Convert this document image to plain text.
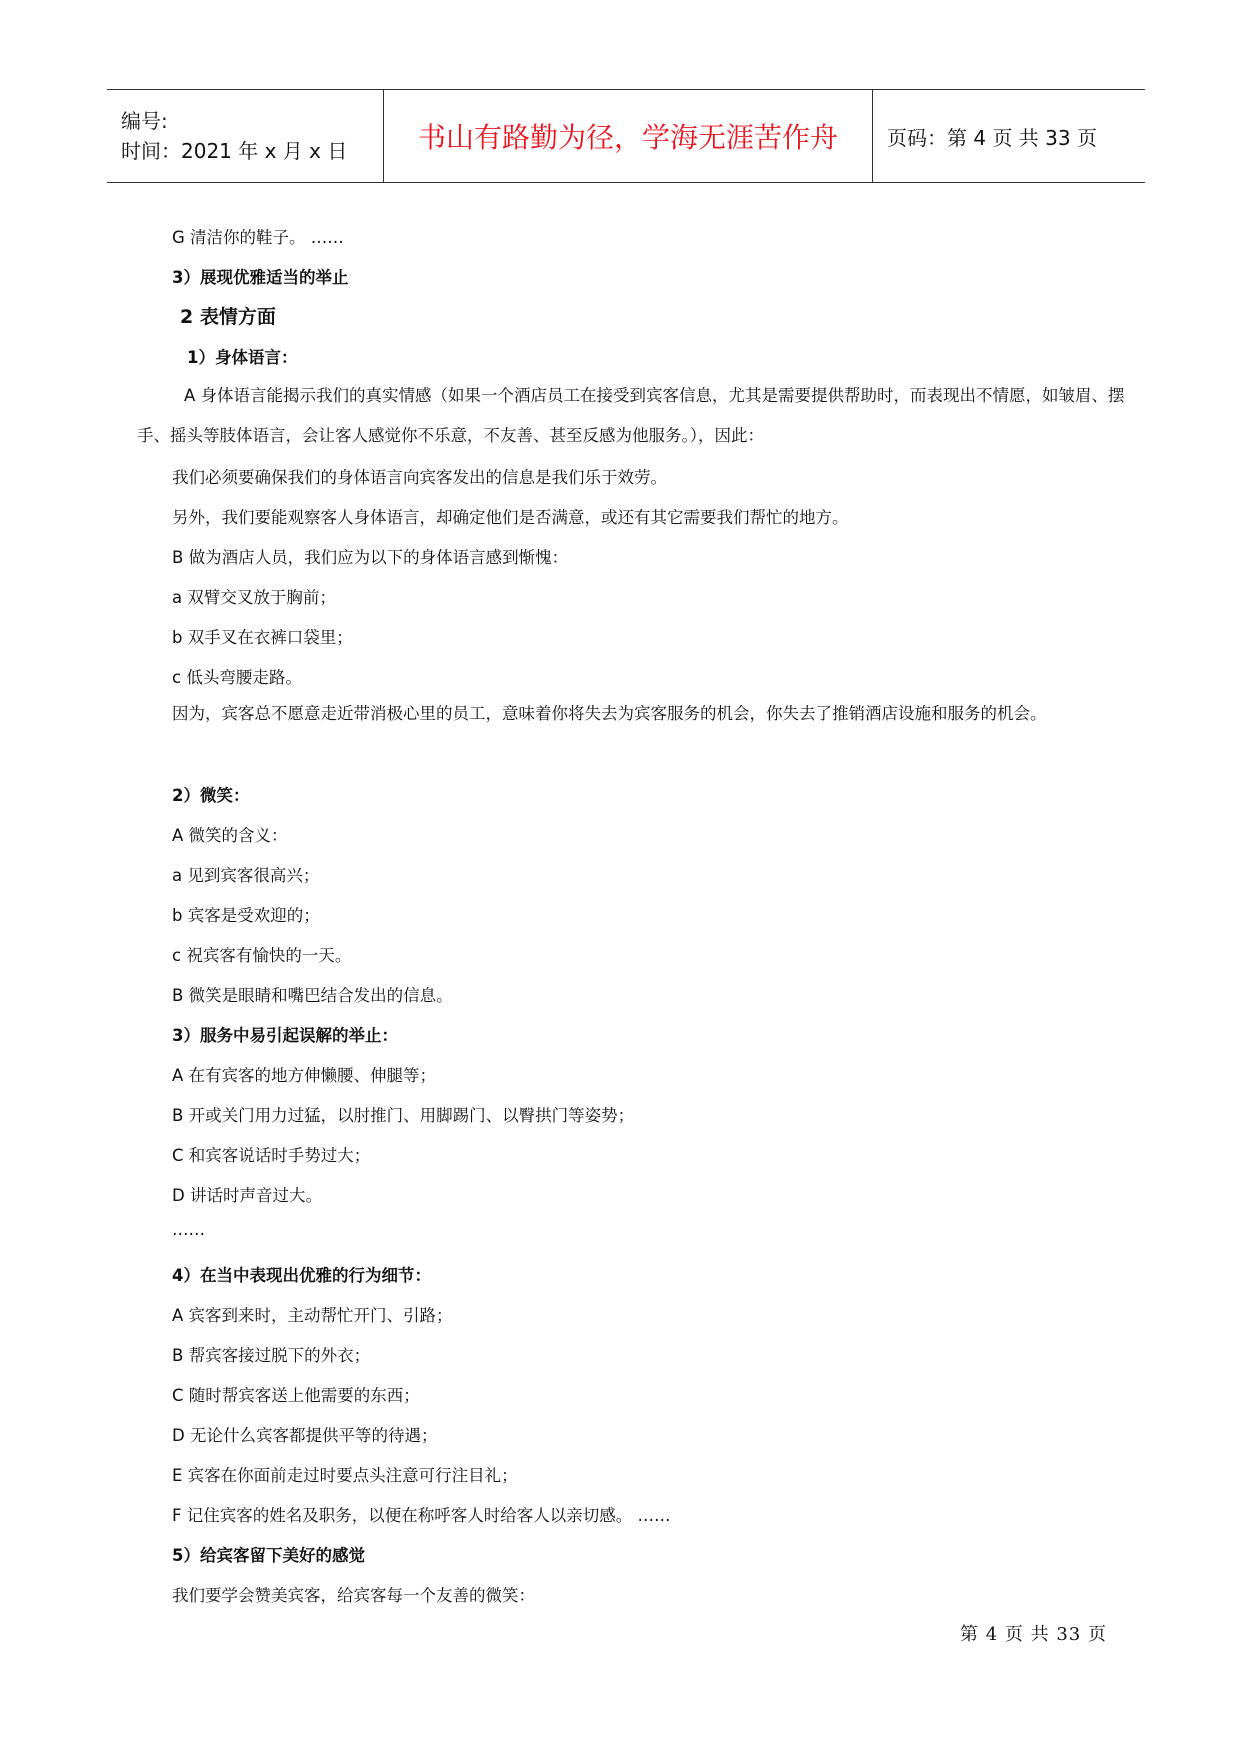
编号:
时间：2021 年 x 月 x 日	书山有路勤为径，学海无涯苦作舟	页码：第 4 页 共 33 页
G 清洁你的鞋子。 ……
3）展现优雅适当的举止
2 表情方面
1）身体语言：
A 身体语言能揭示我们的真实情感（如果一个酒店员工在接受到宾客信息，尤其是需要提供帮助时，而表现出不情愿，如皱眉、摆手、摇头等肢体语言，会让客人感觉你不乐意，不友善、甚至反感为他服务。），因此：
我们必须要确保我们的身体语言向宾客发出的信息是我们乐于效劳。
另外，我们要能观察客人身体语言，却确定他们是否满意，或还有其它需要我们帮忙的地方。
B 做为酒店人员，我们应为以下的身体语言感到惭愧：
a 双臂交叉放于胸前；
b 双手叉在衣裤口袋里；
c 低头弯腰走路。
因为，宾客总不愿意走近带消极心里的员工，意味着你将失去为宾客服务的机会，你失去了推销酒店设施和服务的机会。
2）微笑：
A 微笑的含义：
a 见到宾客很高兴；
b 宾客是受欢迎的；
c 祝宾客有愉快的一天。
B 微笑是眼睛和嘴巴结合发出的信息。
3）服务中易引起误解的举止：
A 在有宾客的地方伸懒腰、伸腿等；
B 开或关门用力过猛，以肘推门、用脚踢门、以臀拱门等姿势；
C 和宾客说话时手势过大；
D 讲话时声音过大。
……
4）在当中表现出优雅的行为细节：
A 宾客到来时，主动帮忙开门、引路；
B 帮宾客接过脱下的外衣；
C 随时帮宾客送上他需要的东西；
D 无论什么宾客都提供平等的待遇；
E 宾客在你面前走过时要点头注意可行注目礼；
F 记住宾客的姓名及职务，以便在称呼客人时给客人以亲切感。 ……
5）给宾客留下美好的感觉
我们要学会赞美宾客，给宾客每一个友善的微笑：
第 4 页 共 33 页
